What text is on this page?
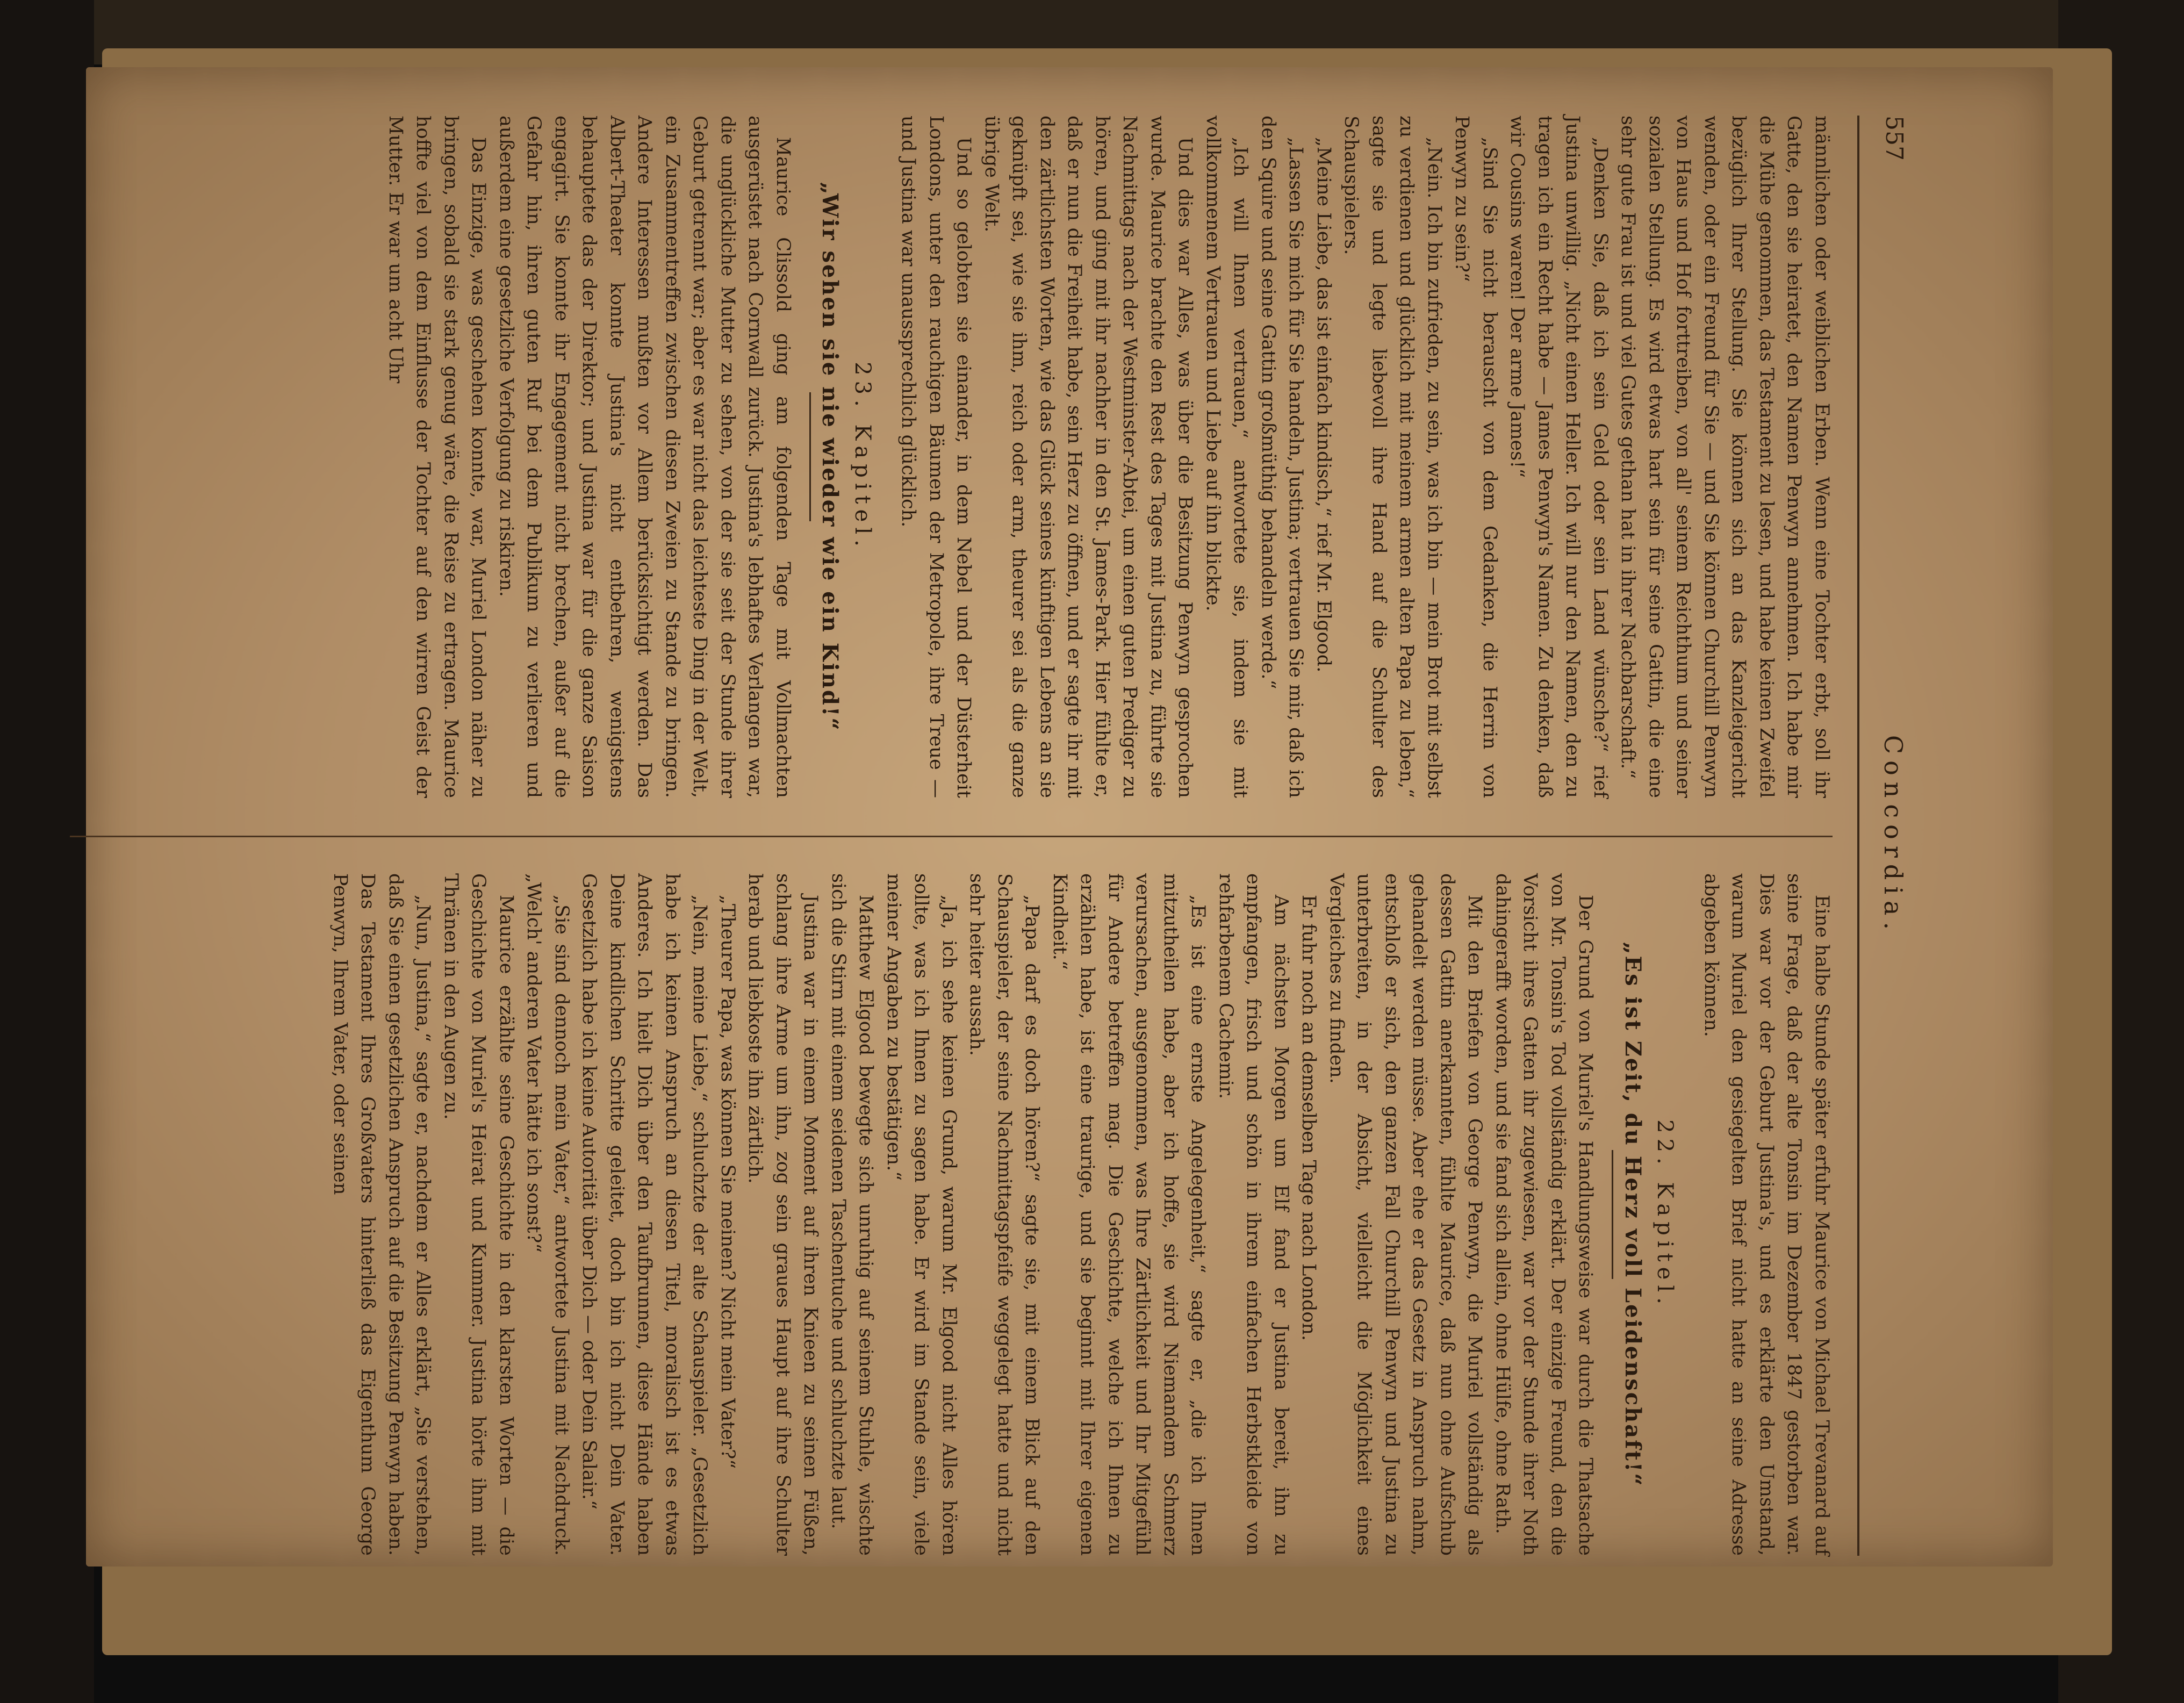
557
Concordia.

männlichen oder weiblichen Erben. Wenn eine Tochter erbt, soll ihr Gatte, den sie heiratet, den Namen Penwyn annehmen. Ich habe mir die Mühe genommen, das Testament zu lesen, und habe keinen Zweifel bezüglich Ihrer Stellung. Sie können sich an das Kanzleigericht wenden, oder ein Freund für Sie — und Sie können Churchill Penwyn von Haus und Hof forttreiben, von all' seinem Reichthum und seiner sozialen Stellung. Es wird etwas hart sein für seine Gattin, die eine sehr gute Frau ist und viel Gutes gethan hat in ihrer Nachbarschaft.“

„Denken Sie, daß ich sein Geld oder sein Land wünsche?“ rief Justina unwillig. „Nicht einen Heller. Ich will nur den Namen, den zu tragen ich ein Recht habe — James Penwyn's Namen. Zu denken, daß wir Cousins waren! Der arme James!“

„Sind Sie nicht berauscht von dem Gedanken, die Herrin von Penwyn zu sein?“

„Nein. Ich bin zufrieden, zu sein, was ich bin — mein Brot mit selbst zu verdienen und glücklich mit meinem armen alten Papa zu leben,“ sagte sie und legte liebevoll ihre Hand auf die Schulter des Schauspielers.

„Meine Liebe, das ist einfach kindisch,“ rief Mr. Elgood.

„Lassen Sie mich für Sie handeln, Justina; vertrauen Sie mir, daß ich den Squire und seine Gattin großmüthig behandeln werde.“

„Ich will Ihnen vertrauen,“ antwortete sie, indem sie mit vollkommenem Vertrauen und Liebe auf ihn blickte.

Und dies war Alles, was über die Besitzung Penwyn gesprochen wurde. Maurice brachte den Rest des Tages mit Justina zu, führte sie Nachmittags nach der Westminster-Abtei, um einen guten Prediger zu hören, und ging mit ihr nachher in den St. James-Park. Hier fühlte er, daß er nun die Freiheit habe, sein Herz zu öffnen, und er sagte ihr mit den zärtlichsten Worten, wie das Glück seines künftigen Lebens an sie geknüpft sei, wie sie ihm, reich oder arm, theurer sei als die ganze übrige Welt.

Und so gelobten sie einander, in dem Nebel und der Düsterheit Londons, unter den rauchigen Bäumen der Metropole, ihre Treue — und Justina war unaussprechlich glücklich.

23. Kapitel.
„Wir sehen sie nie wieder wie ein Kind!“

Maurice Clissold ging am folgenden Tage mit Vollmachten ausgerüstet nach Cornwall zurück. Justina's lebhaftes Verlangen war, die unglückliche Mutter zu sehen, von der sie seit der Stunde ihrer Geburt getrennt war; aber es war nicht das leichteste Ding in der Welt, ein Zusammentreffen zwischen diesen Zweien zu Stande zu bringen. Andere Interessen mußten vor Allem berücksichtigt werden. Das Albert-Theater konnte Justina's nicht entbehren, wenigstens behauptete das der Direktor; und Justina war für die ganze Saison engagirt. Sie konnte ihr Engagement nicht brechen, außer auf die Gefahr hin, ihren guten Ruf bei dem Publikum zu verlieren und außerdem eine gesetzliche Verfolgung zu riskiren.

Das Einzige, was geschehen konnte, war, Muriel London näher zu bringen, sobald sie stark genug wäre, die Reise zu ertragen. Maurice hoffte viel von dem Einflusse der Tochter auf den wirren Geist der Mutter. Er war um acht Uhr

Eine halbe Stunde später erfuhr Maurice von Michael Trevanard auf seine Frage, daß der alte Tonsin im Dezember 1847 gestorben war. Dies war vor der Geburt Justina's, und es erklärte den Umstand, warum Muriel den gesiegelten Brief nicht hatte an seine Adresse abgeben können.

22. Kapitel.
„Es ist Zeit, du Herz voll Leidenschaft!“

Der Grund von Muriel's Handlungsweise war durch die Thatsache von Mr. Tonsin's Tod vollständig erklärt. Der einzige Freund, den die Vorsicht ihres Gatten ihr zugewiesen, war vor der Stunde ihrer Noth dahingerafft worden, und sie fand sich allein, ohne Hülfe, ohne Rath.

Mit den Briefen von George Penwyn, die Muriel vollständig als dessen Gattin anerkannten, fühlte Maurice, daß nun ohne Aufschub gehandelt werden müsse. Aber ehe er das Gesetz in Anspruch nahm, entschloß er sich, den ganzen Fall Churchill Penwyn und Justina zu unterbreiten, in der Absicht, vielleicht die Möglichkeit eines Vergleiches zu finden.

Er fuhr noch an demselben Tage nach London.

Am nächsten Morgen um Elf fand er Justina bereit, ihn zu empfangen, frisch und schön in ihrem einfachen Herbstkleide von rehfarbenem Cachemir.

„Es ist eine ernste Angelegenheit,“ sagte er, „die ich Ihnen mitzutheilen habe, aber ich hoffe, sie wird Niemandem Schmerz verursachen, ausgenommen, was Ihre Zärtlichkeit und Ihr Mitgefühl für Andere betreffen mag. Die Geschichte, welche ich Ihnen zu erzählen habe, ist eine traurige, und sie beginnt mit Ihrer eigenen Kindheit.“

„Papa darf es doch hören?“ sagte sie, mit einem Blick auf den Schauspieler, der seine Nachmittagspfeife weggelegt hatte und nicht sehr heiter aussah.

„Ja, ich sehe keinen Grund, warum Mr. Elgood nicht Alles hören sollte, was ich Ihnen zu sagen habe. Er wird im Stande sein, viele meiner Angaben zu bestätigen.“

Matthew Elgood bewegte sich unruhig auf seinem Stuhle, wischte sich die Stirn mit einem seidenen Taschentuche und schluchzte laut.

Justina war in einem Moment auf ihren Knieen zu seinen Füßen, schlang ihre Arme um ihn, zog sein graues Haupt auf ihre Schulter herab und liebkoste ihn zärtlich.

„Theurer Papa, was können Sie meinen? Nicht mein Vater?“

„Nein, meine Liebe,“ schluchzte der alte Schauspieler. „Gesetzlich habe ich keinen Anspruch an diesen Titel, moralisch ist es etwas Anderes. Ich hielt Dich über den Taufbrunnen, diese Hände haben Deine kindlichen Schritte geleitet, doch bin ich nicht Dein Vater. Gesetzlich habe ich keine Autorität über Dich — oder Dein Salair.“

„Sie sind dennoch mein Vater,“ antwortete Justina mit Nachdruck. „Welch' anderen Vater hätte ich sonst?“

Maurice erzählte seine Geschichte in den klarsten Worten — die Geschichte von Muriel's Heirat und Kummer. Justina hörte ihm mit Thränen in den Augen zu.

„Nun, Justina,“ sagte er, nachdem er Alles erklärt, „Sie verstehen, daß Sie einen gesetzlichen Anspruch auf die Besitzung Penwyn haben. Das Testament Ihres Großvaters hinterließ das Eigenthum George Penwyn, Ihrem Vater, oder seinen
